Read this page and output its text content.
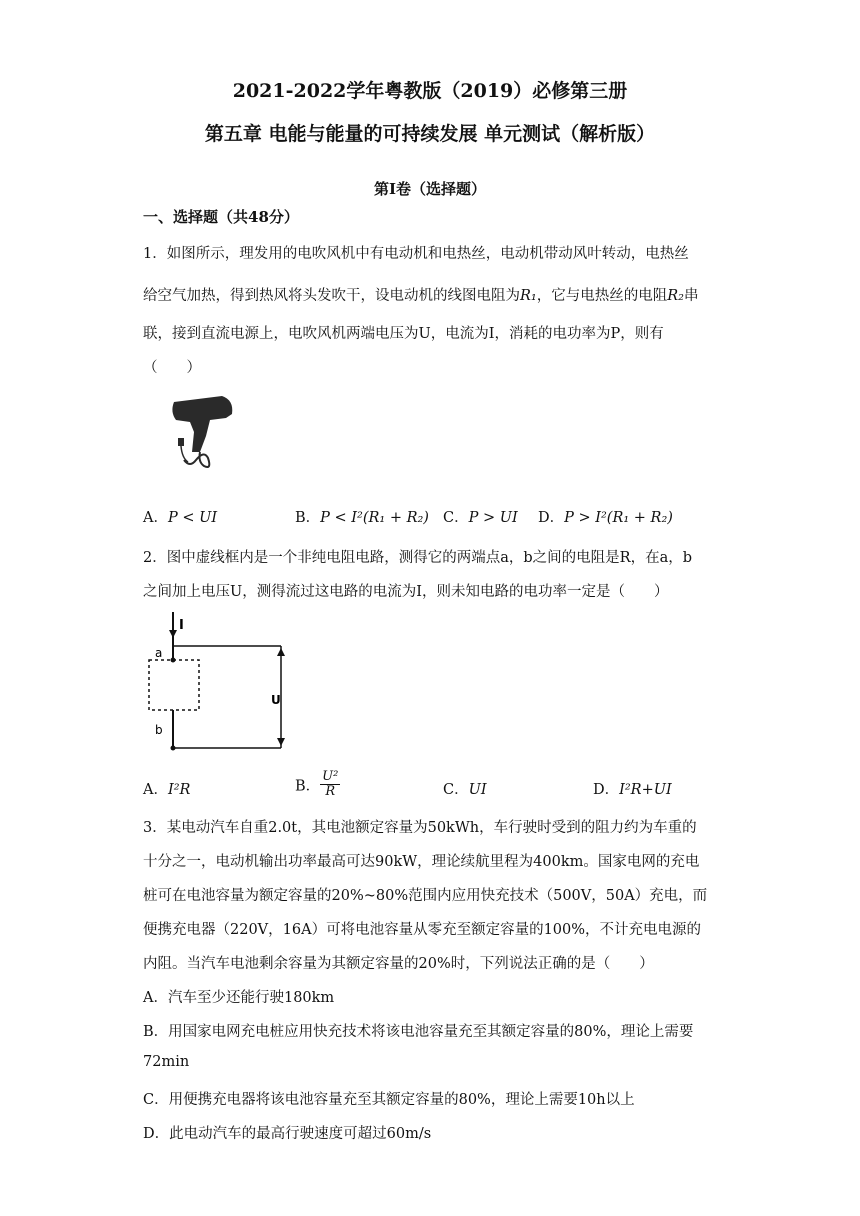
2021-2022学年粤教版（2019）必修第三册
第五章 电能与能量的可持续发展 单元测试（解析版）
第Ⅰ卷（选择题）
一、选择题（共48分）
1．如图所示，理发用的电吹风机中有电动机和电热丝，电动机带动风叶转动，电热丝
给空气加热，得到热风将头发吹干，设电动机的线图电阻为R₁，它与电热丝的电阻R₂串
联，接到直流电源上，电吹风机两端电压为U，电流为I，消耗的电功率为P，则有
（　　）
A．P < UI	B．P < I²(R₁ + R₂) C．P > UI D．P > I²(R₁ + R₂)
2．图中虚线框内是一个非纯电阻电路，测得它的两端点a，b之间的电阻是R，在a，b
之间加上电压U，测得流过这电路的电流为I，则未知电路的电功率一定是（　　）
I
a
b
U
A．I²R	B． $\frac{\text{U²}}{R}$	C．UI	D．I²R+UI
3．某电动汽车自重2.0t，其电池额定容量为50kWh，车行驶时受到的阻力约为车重的
十分之一，电动机输出功率最高可达90kW，理论续航里程为400km。国家电网的充电
桩可在电池容量为额定容量的20%~80%范围内应用快充技术（500V，50A）充电，而
便携充电器（220V，16A）可将电池容量从零充至额定容量的100%，不计充电电源的
内阻。当汽车电池剩余容量为其额定容量的20%时，下列说法正确的是（　　）
A．汽车至少还能行驶180km
B．用国家电网充电桩应用快充技术将该电池容量充至其额定容量的80%，理论上需要
72min
C．用便携充电器将该电池容量充至其额定容量的80%，理论上需要10h以上
D．此电动汽车的最高行驶速度可超过60m/s
